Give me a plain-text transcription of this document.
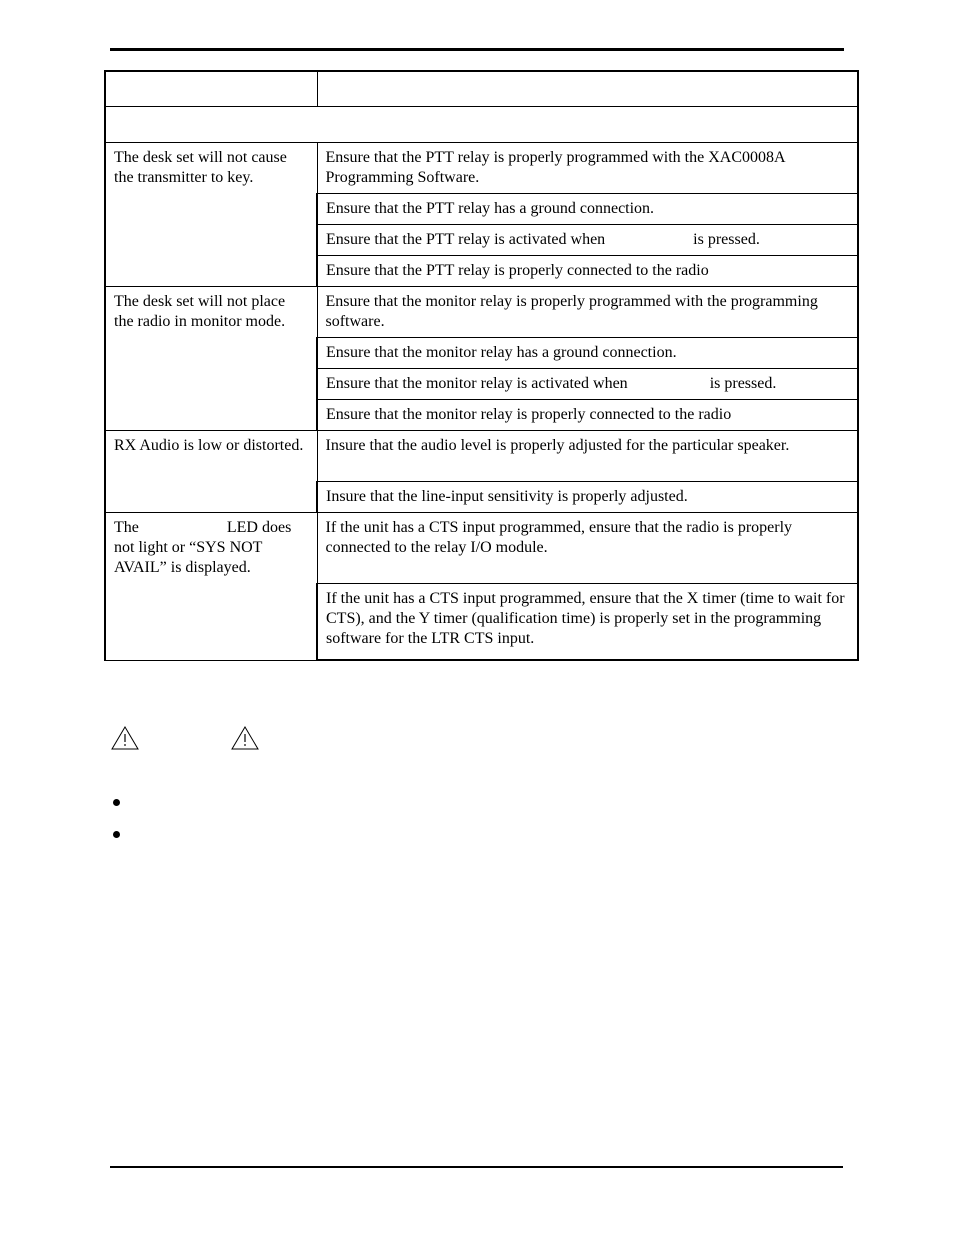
The desk set will not cause the transmitter to key.	Ensure that the PTT relay is properly programmed with the XAC0008A Programming Software.
	Ensure that the PTT relay has a ground connection.
	Ensure that the PTT relay is activated when is pressed.
	Ensure that the PTT relay is properly connected to the radio
The desk set will not place the radio in monitor mode.	Ensure that the monitor relay is properly programmed with the programming software.
	Ensure that the monitor relay has a ground connection.
	Ensure that the monitor relay is activated when is pressed.
	Ensure that the monitor relay is properly connected to the radio
RX Audio is low or distorted.	Insure that the audio level is properly adjusted for the particular speaker.
	Insure that the line-input sensitivity is properly adjusted.
The LED does not light or “SYS NOT AVAIL” is displayed.	If the unit has a CTS input programmed, ensure that the radio is properly connected to the relay I/O module.
	If the unit has a CTS input programmed, ensure that the X timer (time to wait for CTS), and the Y timer (qualification time) is properly set in the programming software for the LTR CTS input.
